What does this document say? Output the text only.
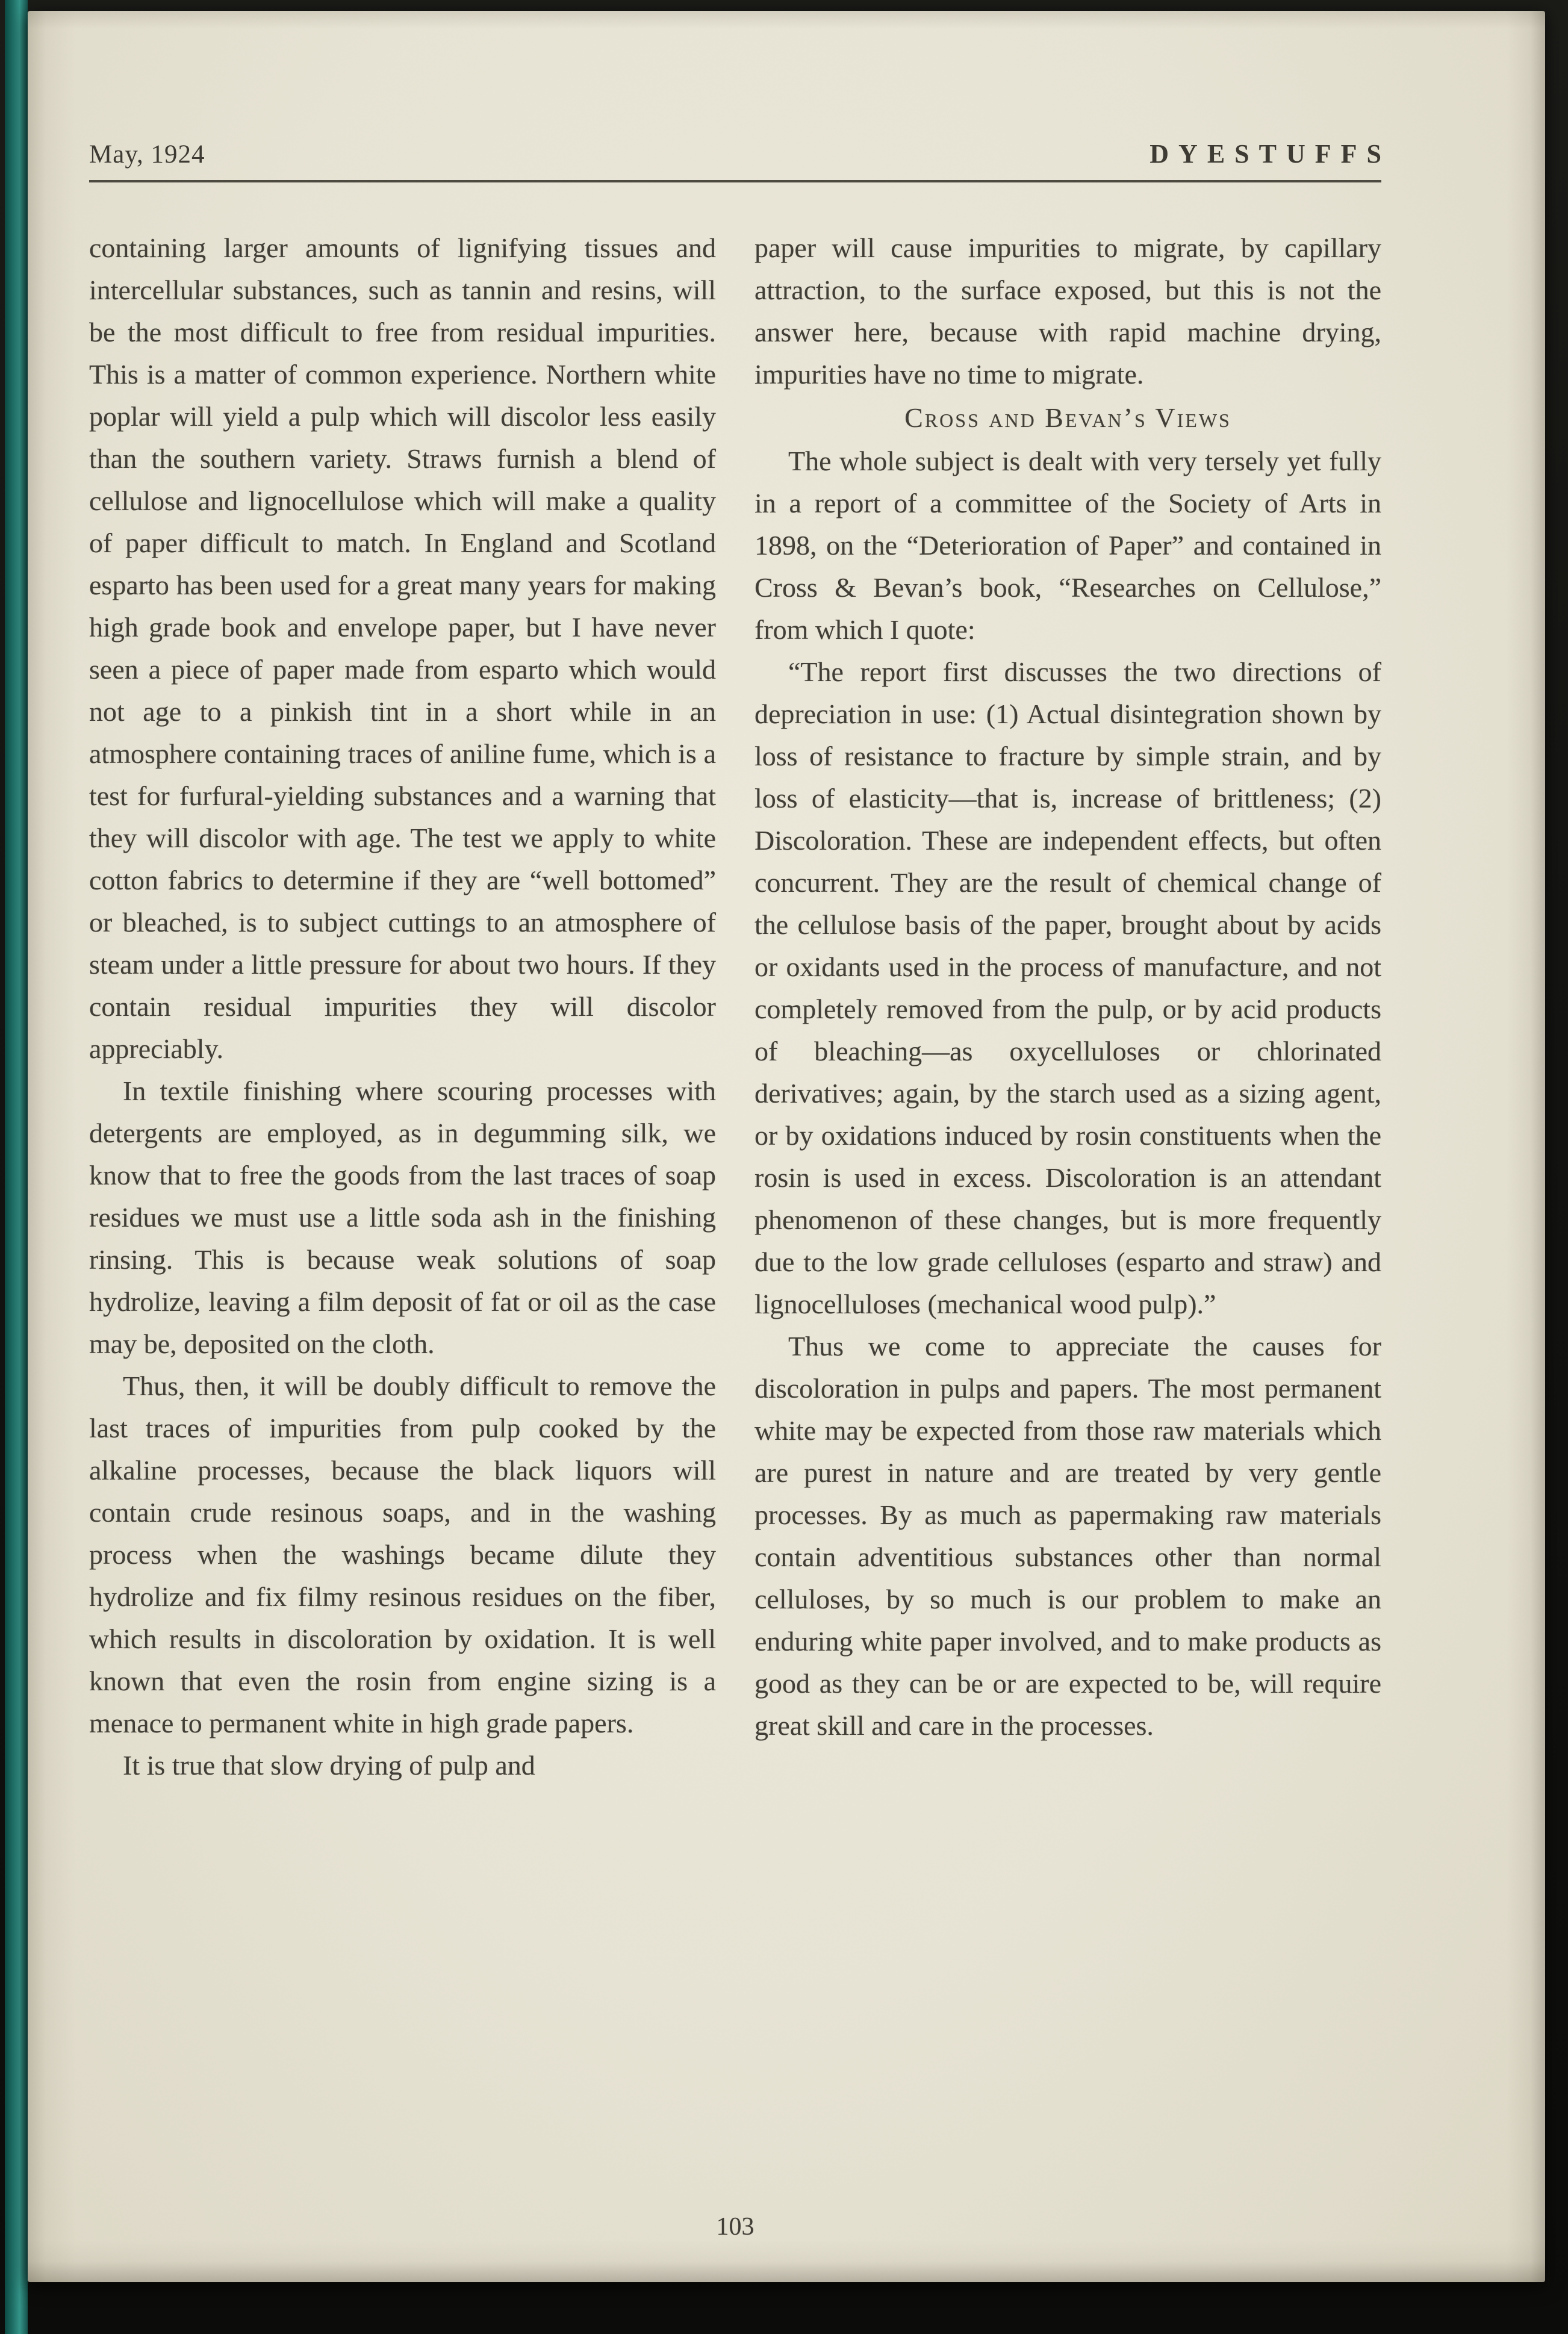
May, 1924	DYESTUFFS

containing larger amounts of lignifying tissues and intercellular substances, such as tannin and resins, will be the most difficult to free from residual impurities. This is a matter of common experience. Northern white poplar will yield a pulp which will discolor less easily than the southern variety. Straws furnish a blend of cellulose and lignocellulose which will make a quality of paper difficult to match. In England and Scotland esparto has been used for a great many years for making high grade book and envelope paper, but I have never seen a piece of paper made from esparto which would not age to a pinkish tint in a short while in an atmosphere containing traces of aniline fume, which is a test for furfural-yielding substances and a warning that they will discolor with age. The test we apply to white cotton fabrics to determine if they are “well bottomed” or bleached, is to subject cuttings to an atmosphere of steam under a little pressure for about two hours. If they contain residual impurities they will discolor appreciably.

In textile finishing where scouring processes with detergents are employed, as in degumming silk, we know that to free the goods from the last traces of soap residues we must use a little soda ash in the finishing rinsing. This is because weak solutions of soap hydrolize, leaving a film deposit of fat or oil as the case may be, deposited on the cloth.

Thus, then, it will be doubly difficult to remove the last traces of impurities from pulp cooked by the alkaline processes, because the black liquors will contain crude resinous soaps, and in the washing process when the washings became dilute they hydrolize and fix filmy resinous residues on the fiber, which results in discoloration by oxidation. It is well known that even the rosin from engine sizing is a menace to permanent white in high grade papers.

It is true that slow drying of pulp and

paper will cause impurities to migrate, by capillary attraction, to the surface exposed, but this is not the answer here, because with rapid machine drying, impurities have no time to migrate.

Cross and Bevan’s Views

The whole subject is dealt with very tersely yet fully in a report of a committee of the Society of Arts in 1898, on the “Deterioration of Paper” and contained in Cross & Bevan’s book, “Researches on Cellulose,” from which I quote:

“The report first discusses the two directions of depreciation in use: (1) Actual disintegration shown by loss of resistance to fracture by simple strain, and by loss of elasticity—that is, increase of brittleness; (2) Discoloration. These are independent effects, but often concurrent. They are the result of chemical change of the cellulose basis of the paper, brought about by acids or oxidants used in the process of manufacture, and not completely removed from the pulp, or by acid products of bleaching—as oxycelluloses or chlorinated derivatives; again, by the starch used as a sizing agent, or by oxidations induced by rosin constituents when the rosin is used in excess. Discoloration is an attendant phenomenon of these changes, but is more frequently due to the low grade celluloses (esparto and straw) and lignocelluloses (mechanical wood pulp).”

Thus we come to appreciate the causes for discoloration in pulps and papers. The most permanent white may be expected from those raw materials which are purest in nature and are treated by very gentle processes. By as much as papermaking raw materials contain adventitious substances other than normal celluloses, by so much is our problem to make an enduring white paper involved, and to make products as good as they can be or are expected to be, will require great skill and care in the processes.

103
